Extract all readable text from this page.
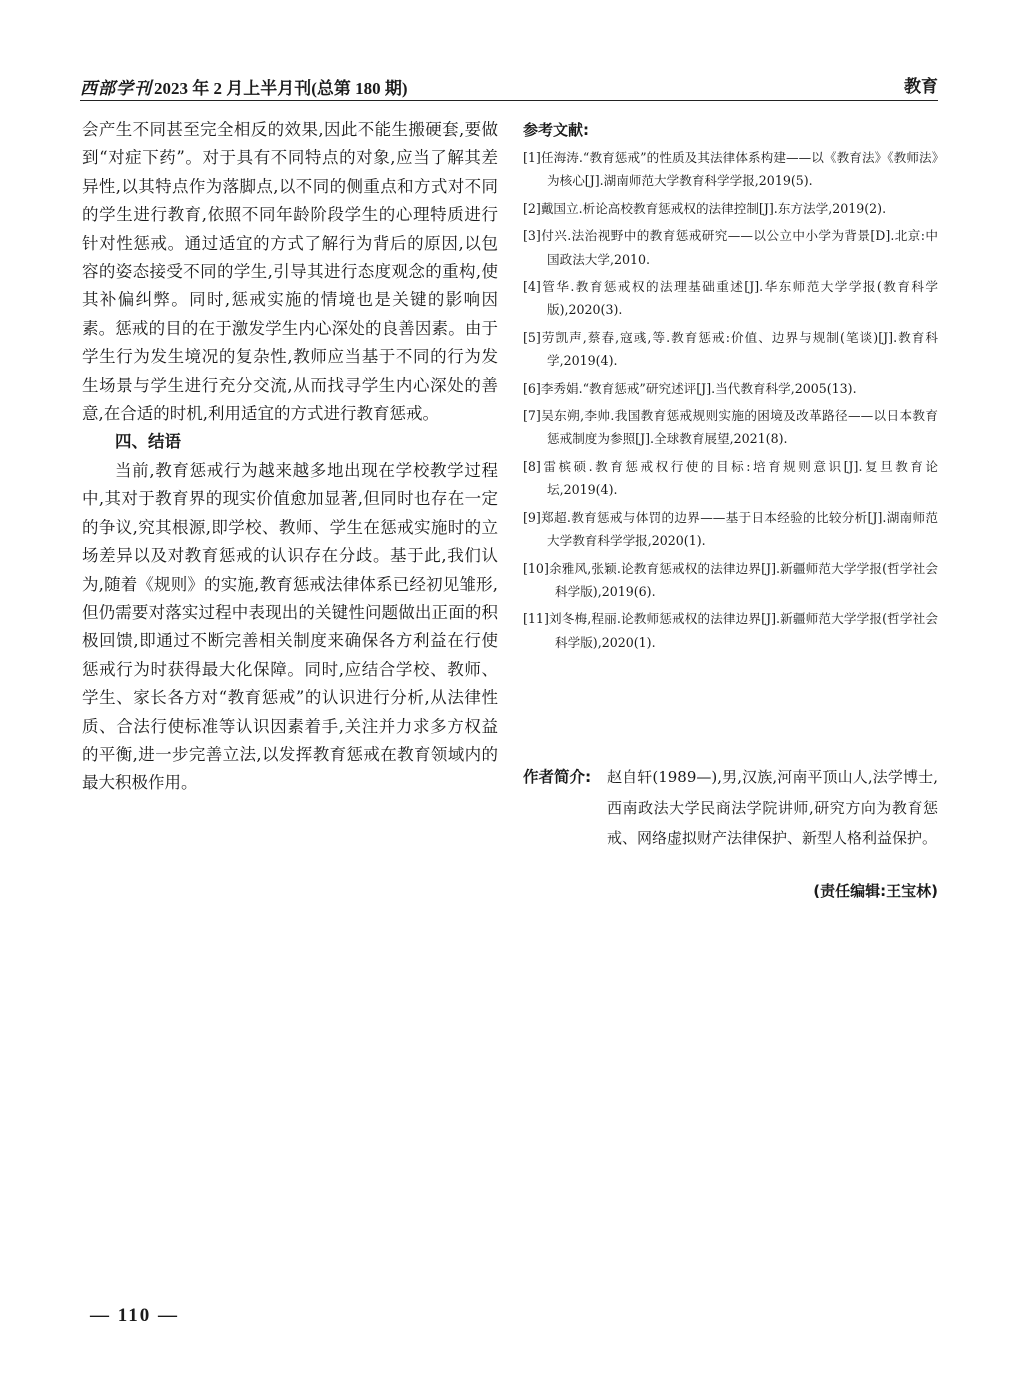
西部学刊 2023 年 2 月上半月刊(总第 180 期)	教育

会产生不同甚至完全相反的效果,因此不能生搬硬套,要做到“对症下药”。对于具有不同特点的对象,应当了解其差异性,以其特点作为落脚点,以不同的侧重点和方式对不同的学生进行教育,依照不同年龄阶段学生的心理特质进行针对性惩戒。通过适宜的方式了解行为背后的原因,以包容的姿态接受不同的学生,引导其进行态度观念的重构,使其补偏纠弊。同时,惩戒实施的情境也是关键的影响因素。惩戒的目的在于激发学生内心深处的良善因素。由于学生行为发生境况的复杂性,教师应当基于不同的行为发生场景与学生进行充分交流,从而找寻学生内心深处的善意,在合适的时机,利用适宜的方式进行教育惩戒。

四、结语

当前,教育惩戒行为越来越多地出现在学校教学过程中,其对于教育界的现实价值愈加显著,但同时也存在一定的争议,究其根源,即学校、教师、学生在惩戒实施时的立场差异以及对教育惩戒的认识存在分歧。基于此,我们认为,随着《规则》的实施,教育惩戒法律体系已经初见雏形,但仍需要对落实过程中表现出的关键性问题做出正面的积极回馈,即通过不断完善相关制度来确保各方利益在行使惩戒行为时获得最大化保障。同时,应结合学校、教师、学生、家长各方对“教育惩戒”的认识进行分析,从法律性质、合法行使标准等认识因素着手,关注并力求多方权益的平衡,进一步完善立法,以发挥教育惩戒在教育领域内的最大积极作用。

参考文献:
[1]任海涛.“教育惩戒”的性质及其法律体系构建——以《教育法》《教师法》为核心[J].湖南师范大学教育科学学报,2019(5).
[2]戴国立.析论高校教育惩戒权的法律控制[J].东方法学,2019(2).
[3]付兴.法治视野中的教育惩戒研究——以公立中小学为背景[D].北京:中国政法大学,2010.
[4]管华.教育惩戒权的法理基础重述[J].华东师范大学学报(教育科学版),2020(3).
[5]劳凯声,蔡春,寇彧,等.教育惩戒:价值、边界与规制(笔谈)[J].教育科学,2019(4).
[6]李秀娟.“教育惩戒”研究述评[J].当代教育科学,2005(13).
[7]吴东朔,李帅.我国教育惩戒规则实施的困境及改革路径——以日本教育惩戒制度为参照[J].全球教育展望,2021(8).
[8]雷槟硕.教育惩戒权行使的目标:培育规则意识[J].复旦教育论坛,2019(4).
[9]郑超.教育惩戒与体罚的边界——基于日本经验的比较分析[J].湖南师范大学教育科学学报,2020(1).
[10]余雅风,张颖.论教育惩戒权的法律边界[J].新疆师范大学学报(哲学社会科学版),2019(6).
[11]刘冬梅,程丽.论教师惩戒权的法律边界[J].新疆师范大学学报(哲学社会科学版),2020(1).
作者简介: 赵自轩(1989—),男,汉族,河南平顶山人,法学博士,西南政法大学民商法学院讲师,研究方向为教育惩戒、网络虚拟财产法律保护、新型人格利益保护。
(责任编辑:王宝林)
— 110 —
